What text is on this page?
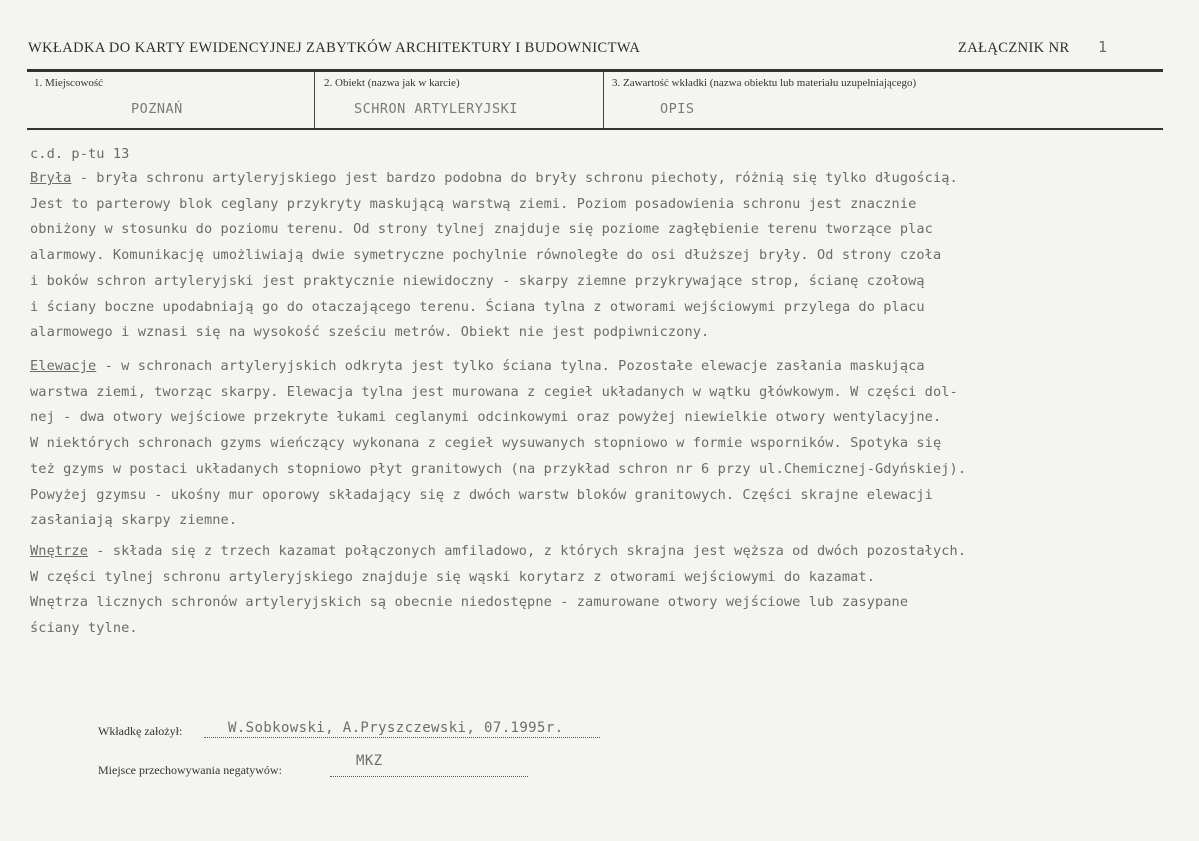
WKŁADKA DO KARTY EWIDENCYJNEJ ZABYTKÓW ARCHITEKTURY I BUDOWNICTWA	ZAŁĄCZNIK NR 1
1. Miejscowość
POZNAŃ
2. Obiekt (nazwa jak w karcie)
SCHRON ARTYLERYJSKI
3. Zawartość wkładki (nazwa obiektu lub materiału uzupełniającego)
OPIS
c.d. p-tu 13
Bryła - bryła schronu artyleryjskiego jest bardzo podobna do bryły schronu piechoty, różnią się tylko długością.
Jest to parterowy blok ceglany przykryty maskującą warstwą ziemi. Poziom posadowienia schronu jest znacznie
obniżony w stosunku do poziomu terenu. Od strony tylnej znajduje się poziome zagłębienie terenu tworzące plac
alarmowy. Komunikację umożliwiają dwie symetryczne pochylnie równoległe do osi dłuższej bryły. Od strony czoła
i boków schron artyleryjski jest praktycznie niewidoczny - skarpy ziemne przykrywające strop, ścianę czołową
i ściany boczne upodabniają go do otaczającego terenu. Ściana tylna z otworami wejściowymi przylega do placu
alarmowego i wznasi się na wysokość sześciu metrów. Obiekt nie jest podpiwniczony.
Elewacje - w schronach artyleryjskich odkryta jest tylko ściana tylna. Pozostałe elewacje zasłania maskująca
warstwa ziemi, tworząc skarpy. Elewacja tylna jest murowana z cegieł układanych w wątku główkowym. W części dol-
nej - dwa otwory wejściowe przekryte łukami ceglanymi odcinkowymi oraz powyżej niewielkie otwory wentylacyjne.
W niektórych schronach gzyms wieńczący wykonana z cegieł wysuwanych stopniowo w formie wsporników. Spotyka się
też gzyms w postaci układanych stopniowo płyt granitowych (na przykład schron nr 6 przy ul.Chemicznej-Gdyńskiej).
Powyżej gzymsu - ukośny mur oporowy składający się z dwóch warstw bloków granitowych. Części skrajne elewacji
zasłaniają skarpy ziemne.
Wnętrze - składa się z trzech kazamat połączonych amfiladowo, z których skrajna jest węższa od dwóch pozostałych.
W części tylnej schronu artyleryjskiego znajduje się wąski korytarz z otworami wejściowymi do kazamat.
Wnętrza licznych schronów artyleryjskich są obecnie niedostępne - zamurowane otwory wejściowe lub zasypane
ściany tylne.
Wkładkę założył:	W.Sobkowski, A.Pryszczewski, 07.1995r.
Miejsce przechowywania negatywów:
MKZ
